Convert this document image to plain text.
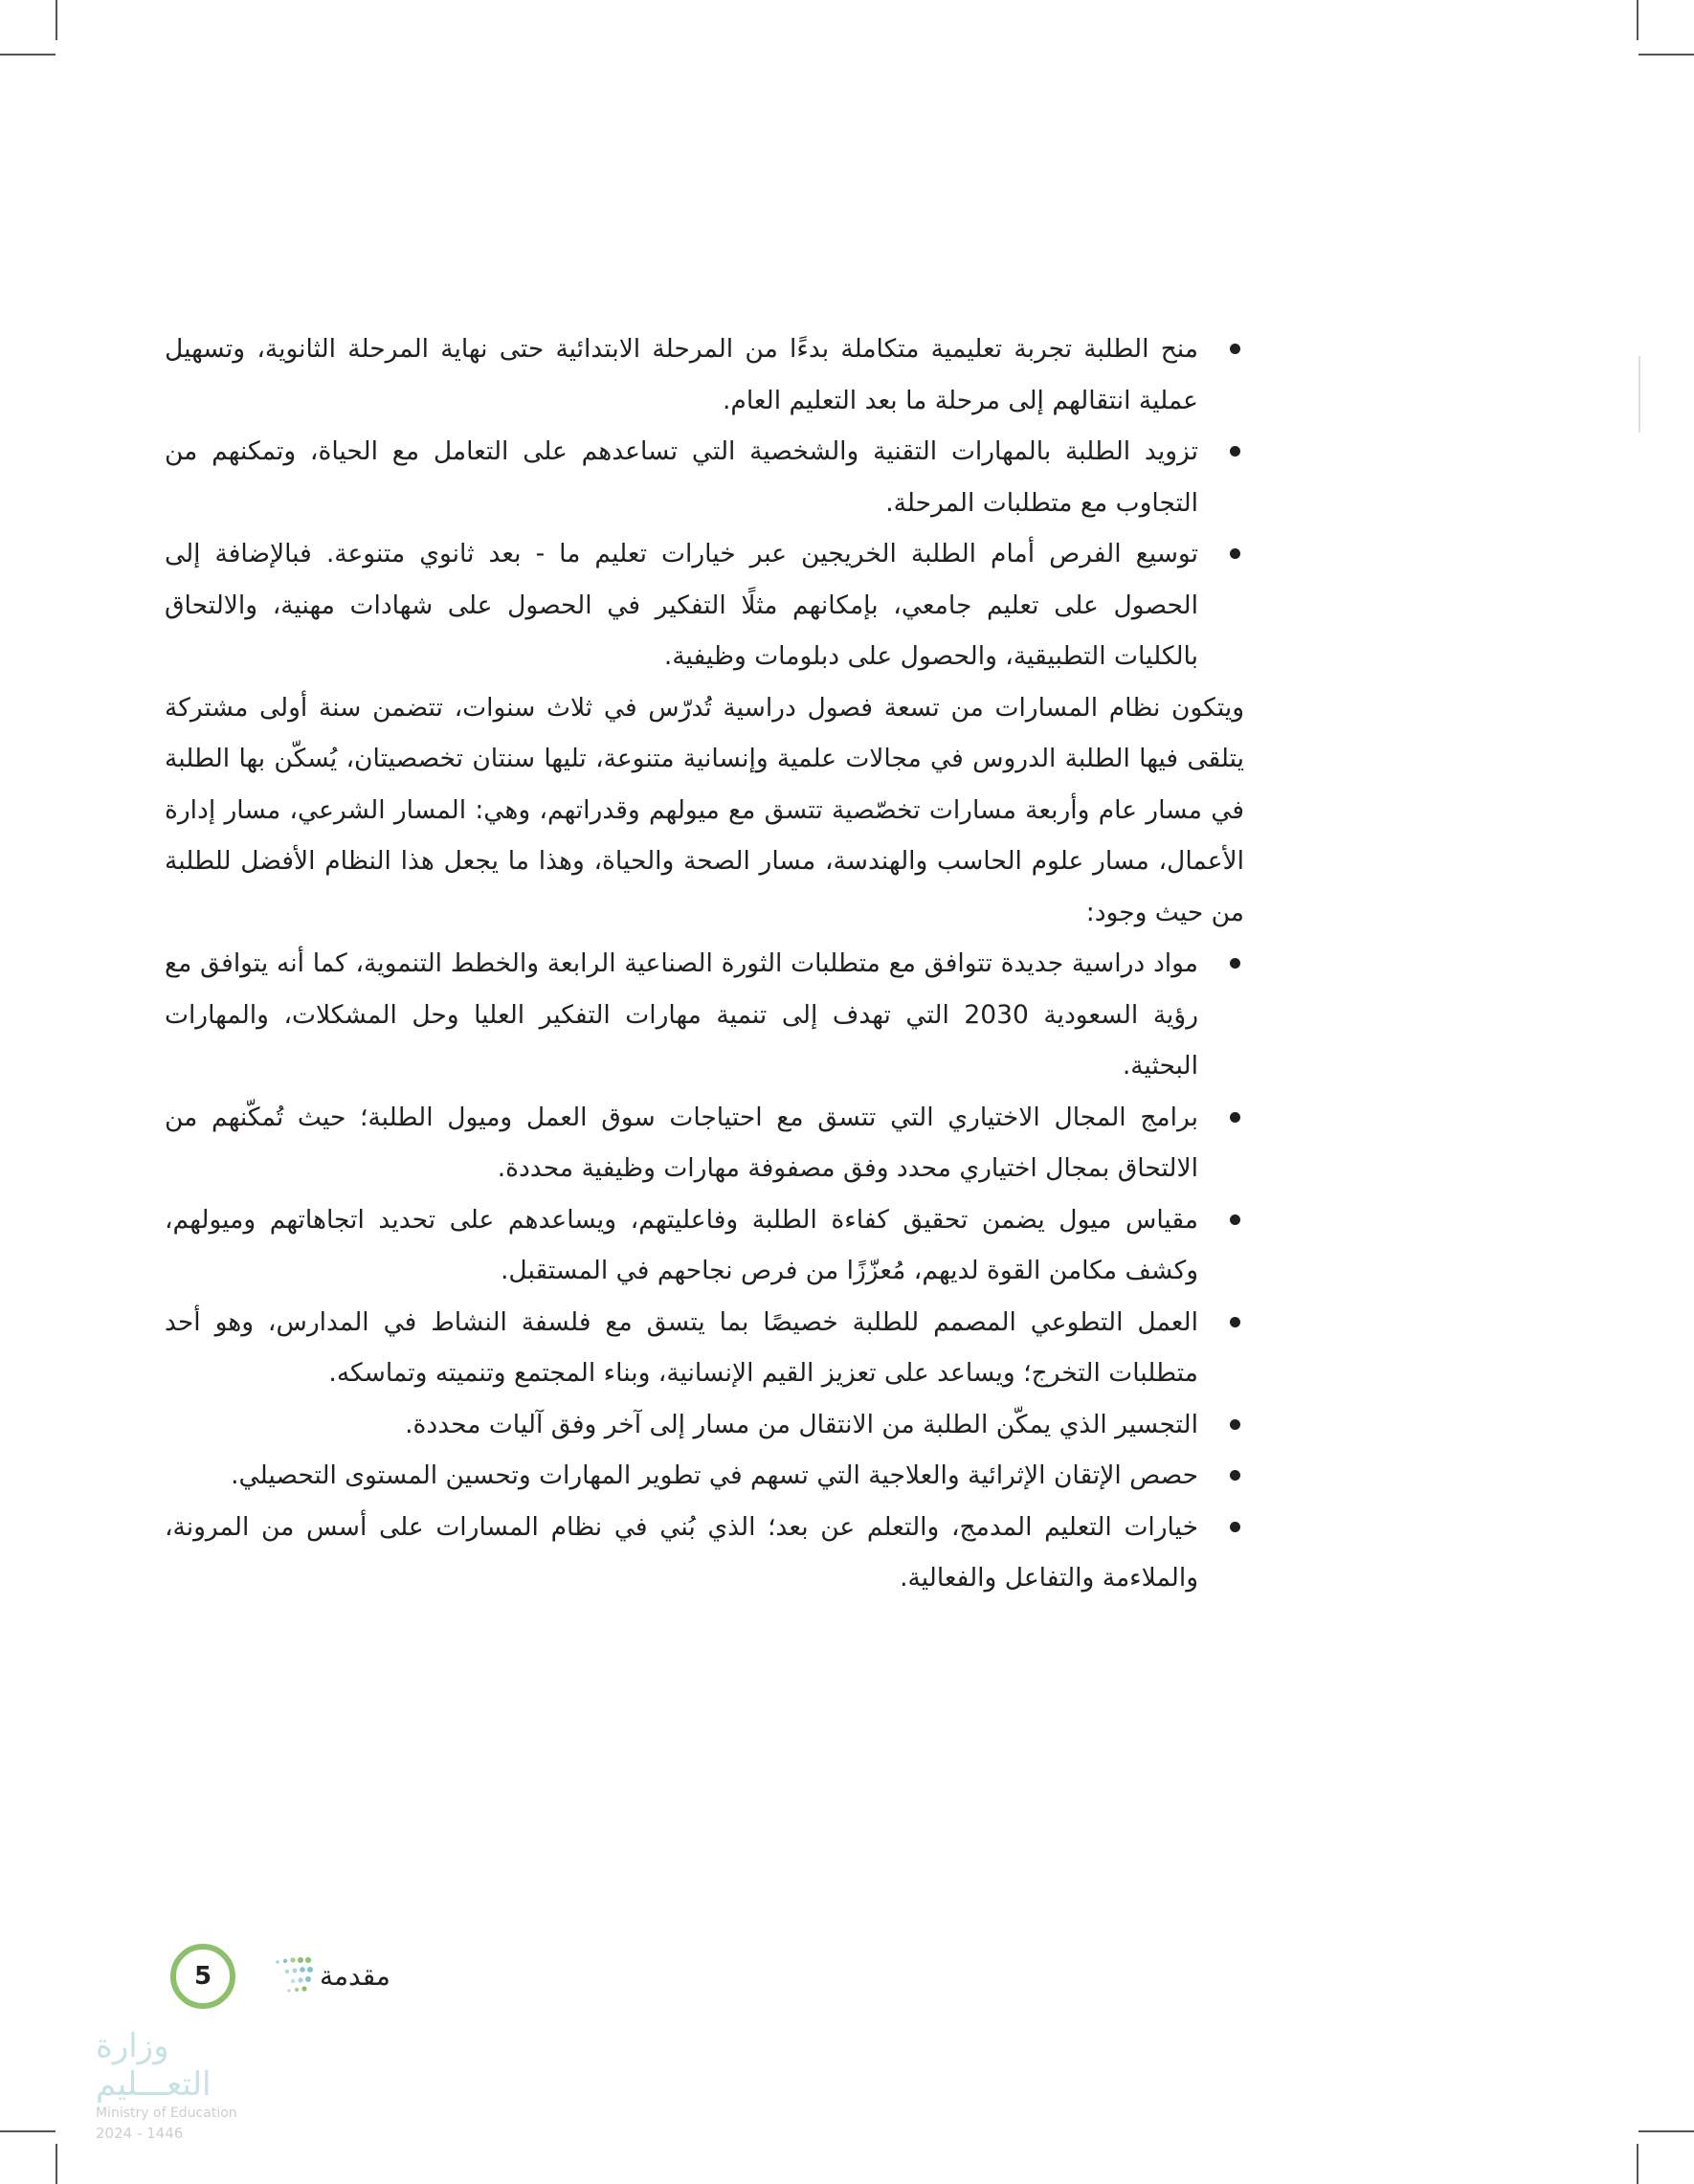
منح الطلبة تجربة تعليمية متكاملة بدءًا من المرحلة الابتدائية حتى نهاية المرحلة الثانوية، وتسهيل عملية انتقالهم إلى مرحلة ما بعد التعليم العام.
تزويد الطلبة بالمهارات التقنية والشخصية التي تساعدهم على التعامل مع الحياة، وتمكنهم من التجاوب مع متطلبات المرحلة.
توسيع الفرص أمام الطلبة الخريجين عبر خيارات تعليم ما - بعد ثانوي متنوعة. فبالإضافة إلى الحصول على تعليم جامعي، بإمكانهم مثلًا التفكير في الحصول على شهادات مهنية، والالتحاق بالكليات التطبيقية، والحصول على دبلومات وظيفية.

ويتكون نظام المسارات من تسعة فصول دراسية تُدرّس في ثلاث سنوات، تتضمن سنة أولى مشتركة يتلقى فيها الطلبة الدروس في مجالات علمية وإنسانية متنوعة، تليها سنتان تخصصيتان، يُسكّن بها الطلبة في مسار عام وأربعة مسارات تخصّصية تتسق مع ميولهم وقدراتهم، وهي: المسار الشرعي، مسار إدارة الأعمال، مسار علوم الحاسب والهندسة، مسار الصحة والحياة، وهذا ما يجعل هذا النظام الأفضل للطلبة من حيث وجود:

مواد دراسية جديدة تتوافق مع متطلبات الثورة الصناعية الرابعة والخطط التنموية، كما أنه يتوافق مع رؤية السعودية 2030 التي تهدف إلى تنمية مهارات التفكير العليا وحل المشكلات، والمهارات البحثية.
برامج المجال الاختياري التي تتسق مع احتياجات سوق العمل وميول الطلبة؛ حيث تُمكّنهم من الالتحاق بمجال اختياري محدد وفق مصفوفة مهارات وظيفية محددة.
مقياس ميول يضمن تحقيق كفاءة الطلبة وفاعليتهم، ويساعدهم على تحديد اتجاهاتهم وميولهم، وكشف مكامن القوة لديهم، مُعزّزًا من فرص نجاحهم في المستقبل.
العمل التطوعي المصمم للطلبة خصيصًا بما يتسق مع فلسفة النشاط في المدارس، وهو أحد متطلبات التخرج؛ ويساعد على تعزيز القيم الإنسانية، وبناء المجتمع وتنميته وتماسكه.
التجسير الذي يمكّن الطلبة من الانتقال من مسار إلى آخر وفق آليات محددة.
حصص الإتقان الإثرائية والعلاجية التي تسهم في تطوير المهارات وتحسين المستوى التحصيلي.
خيارات التعليم المدمج، والتعلم عن بعد؛ الذي بُني في نظام المسارات على أسس من المرونة، والملاءمة والتفاعل والفعالية.
مقدمة
5
وزارة التعـــليم
Ministry of Education
2024 - 1446
